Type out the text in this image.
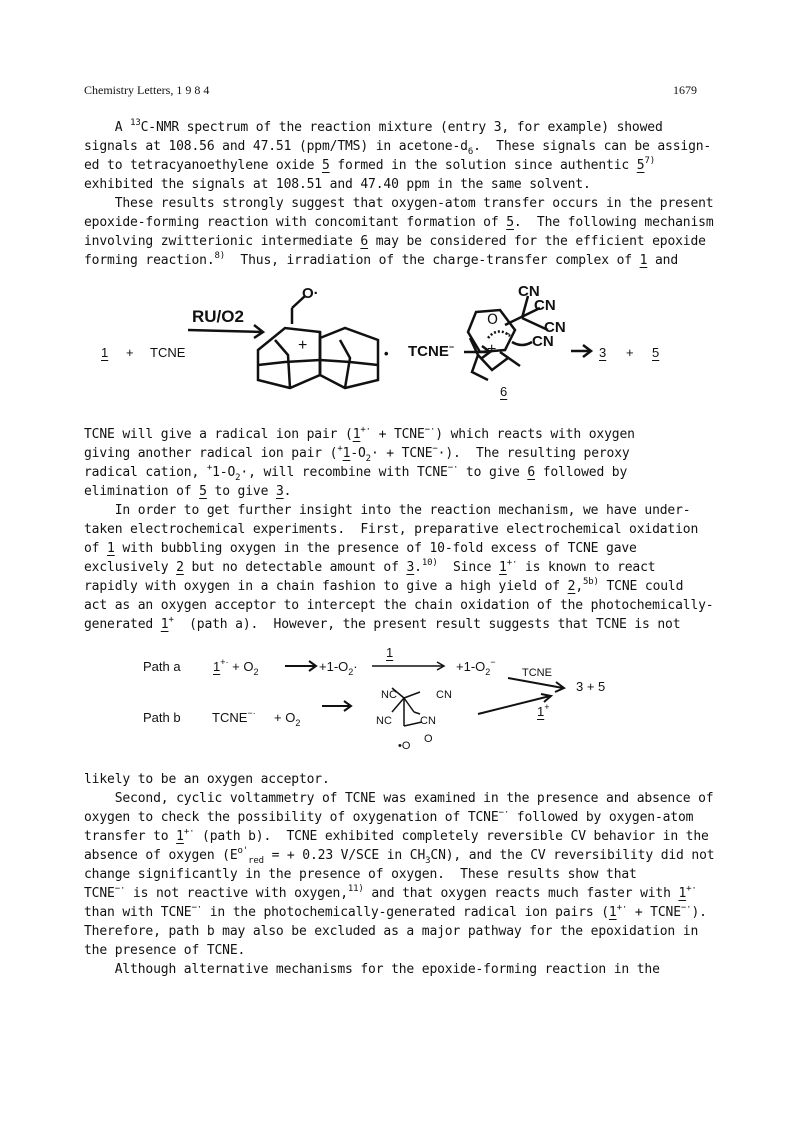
Chemistry Letters, 1 9 8 4	1679

A $^{13}$C-NMR spectrum of the reaction mixture (entry 3, for example) showed
signals at 108.56 and 47.51 (ppm/TMS) in acetone-$d_6$.  These signals can be assign-
ed to tetracyanoethylene oxide 5 formed in the solution since authentic 5$^{7)}$
exhibited the signals at 108.51 and 47.40 ppm in the same solvent.
These results strongly suggest that oxygen-atom transfer occurs in the present
epoxide-forming reaction with concomitant formation of 5.  The following mechanism
involving zwitterionic intermediate 6 may be considered for the efficient epoxide
forming reaction.$^{8)}$  Thus, irradiation of the charge-transfer complex of 1 and

1 + TCNE
RU/O2
+	+
O
-
O·
• TCNE−
CN
CN
CN
CN
3 + 5
6

TCNE will give a radical ion pair (1+· + TCNE−·) which reacts with oxygen
giving another radical ion pair ($^+1-O_2\cdot$ + TCNE−·).  The resulting peroxy
radical cation, $^+1-O_2\cdot$, will recombine with TCNE−· to give 6 followed by
elimination of 5 to give 3.
In order to get further insight into the reaction mechanism, we have under-
taken electrochemical experiments.  First, preparative electrochemical oxidation
of 1 with bubbling oxygen in the presence of 10-fold excess of TCNE gave
exclusively 2 but no detectable amount of 3.$^{10)}$  Since 1+· is known to react
rapidly with oxygen in a chain fashion to give a high yield of 2,$^{5b)}$ TCNE could
act as an oxygen acceptor to intercept the chain oxidation of the photochemically-
generated 1+  (path a).  However, the present result suggests that TCNE is not

Path a $1^{+\cdot} + O_2$	$+1-O_2\cdot$
1
$+1-O_2^-$
TCNE
3 + 5
Path b TCNE−· + $O_2$
NC	CN
NC	CN
•O
O
1+

likely to be an oxygen acceptor.
Second, cyclic voltammetry of TCNE was examined in the presence and absence of
oxygen to check the possibility of oxygenation of TCNE−· followed by oxygen-atom
transfer to 1+· (path b).  TCNE exhibited completely reversible CV behavior in the
absence of oxygen ($E^{o'}_{red}$ = + 0.23 V/SCE in $CH_3CN$), and the CV reversibility did not
change significantly in the presence of oxygen.  These results show that
TCNE−· is not reactive with oxygen,$^{11)}$ and that oxygen reacts much faster with 1+·
than with TCNE−· in the photochemically-generated radical ion pairs (1+· + TCNE−·).
Therefore, path b may also be excluded as a major pathway for the epoxidation in
the presence of TCNE.
Although alternative mechanisms for the epoxide-forming reaction in the
